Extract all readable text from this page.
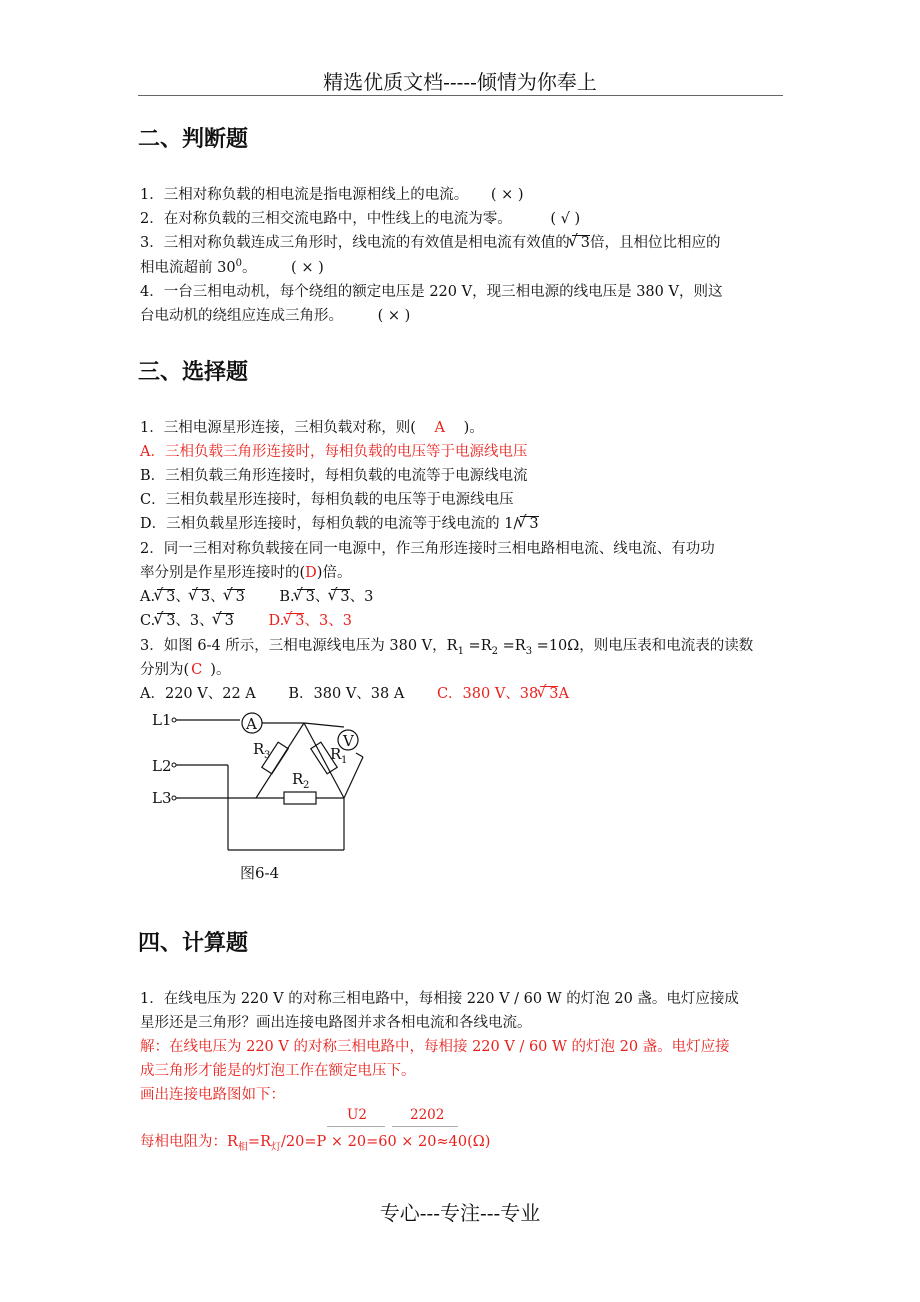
精选优质文档-----倾情为你奉上
二、判断题
1．三相对称负载的相电流是指电源相线上的电流。 ( × )
2．在对称负载的三相交流电路中，中性线上的电流为零。	( √ )
3．三相对称负载连成三角形时，线电流的有效值是相电流有效值的 √ 3倍，且相位比相应的
相电流超前 $30^0$。 ( × )
4．一台三相电动机，每个绕组的额定电压是 220 V，现三相电源的线电压是 380 V，则这
台电动机的绕组应连成三角形。 ( × )
三、选择题
1．三相电源星形连接，三相负载对称，则( A )。
A．三相负载三角形连接时，每相负载的电压等于电源线电压
B．三相负载三角形连接时，每相负载的电流等于电源线电流
C．三相负载星形连接时，每相负载的电压等于电源线电压
D．三相负载星形连接时，每相负载的电流等于线电流的 1/ √ 3
2．同一三相对称负载接在同一电源中，作三角形连接时三相电路相电流、线电流、有功功
率分别是作星形连接时的(D)倍。
A. √ 3、 √ 3、 √ 3 B. √ 3、 √ 3、3
C. √ 3、3、 √ 3 D. √ 3、3、3
3．如图 6-4 所示，三相电源线电压为 380 V，$R_1 =R_2 =R_3 =10\Omega$，则电压表和电流表的读数
分别为( C )。
A．220 V、22 A B．380 V、38 A C．380 V、38 √ 3A
L1
L2
L3
A
V
R 3	R 1
R 2
图6-4
四、计算题
1．在线电压为 220 V 的对称三相电路中，每相接 220 V / 60 W 的灯泡 20 盏。电灯应接成
星形还是三角形？画出连接电路图并求各相电流和各线电流。
解：在线电压为 220 V 的对称三相电路中，每相接 220 V / 60 W 的灯泡 20 盏。电灯应接
成三角形才能是的灯泡工作在额定电压下。
画出连接电路图如下：
U2	2202
每相电阻为：$R_相=R_灯/20=P \times 20=60 \times 20\approx 40(\Omega)$
专心---专注---专业
